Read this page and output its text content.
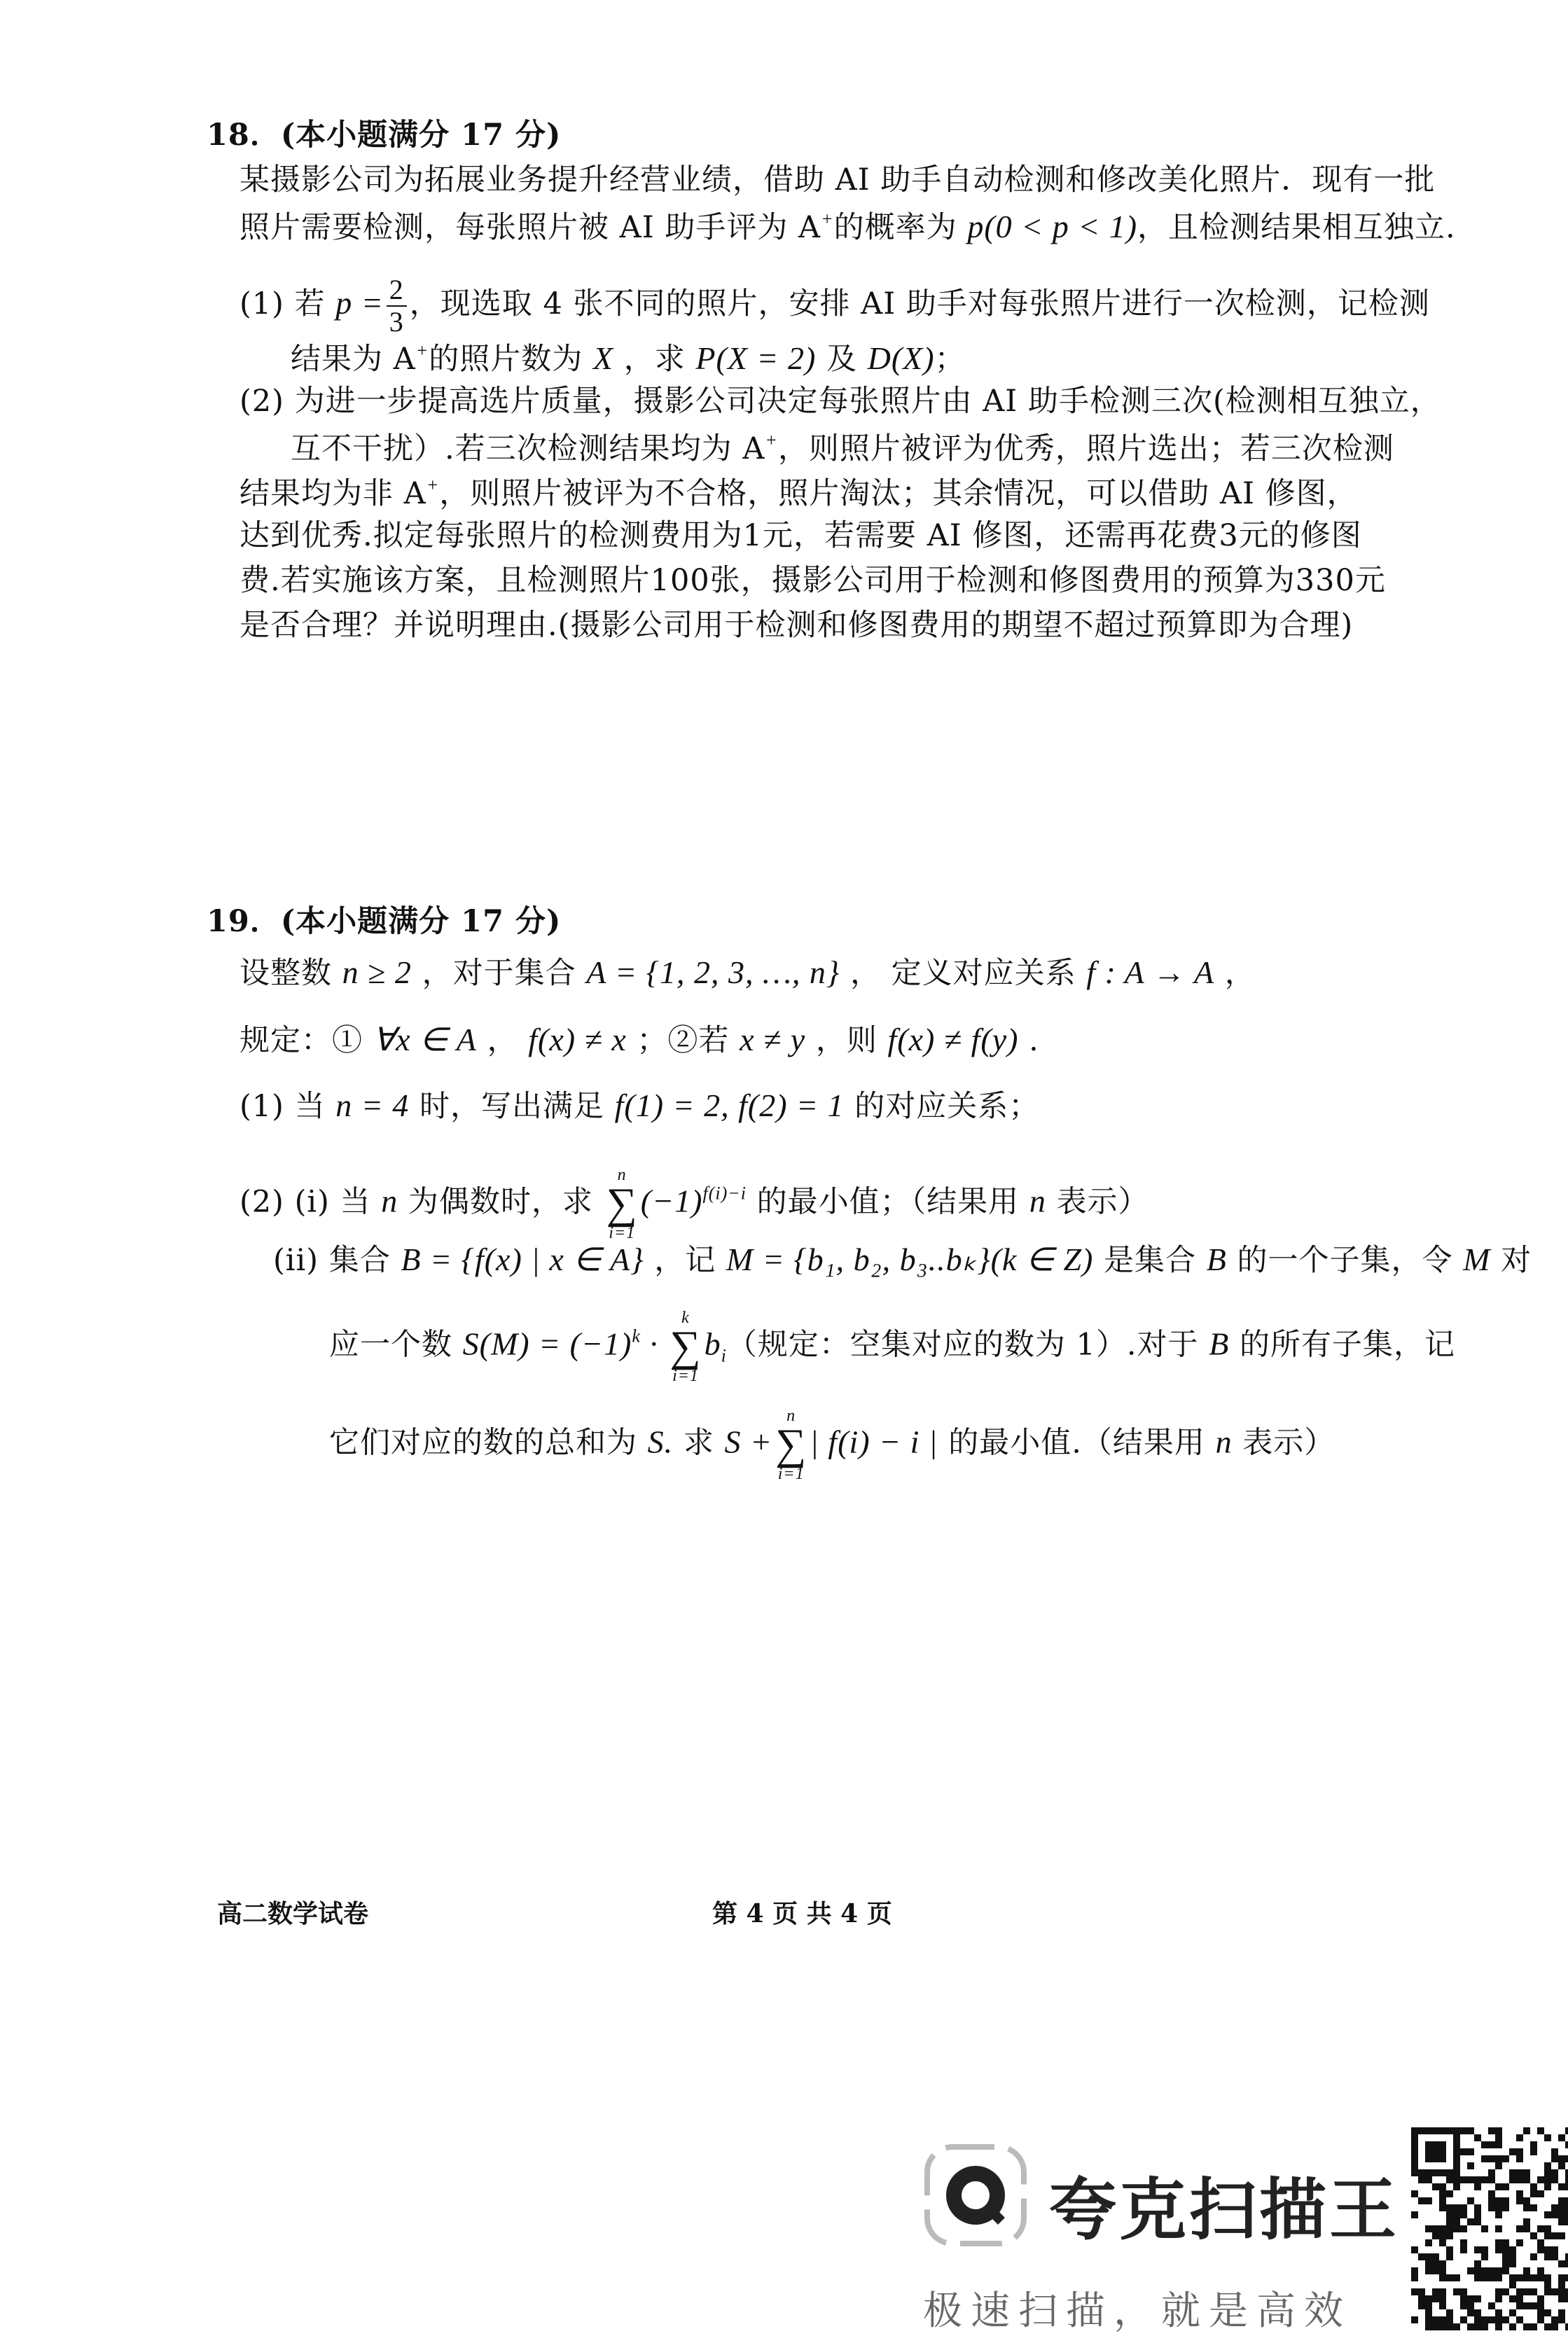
18．(本小题满分 17 分)
某摄影公司为拓展业务提升经营业绩，借助 AI 助手自动检测和修改美化照片．现有一批
照片需要检测，每张照片被 AI 助手评为 A+的概率为 p(0 < p < 1)，且检测结果相互独立.
(1) 若 $p = \frac{2}{3}$ ，现选取 4 张不同的照片，安排 AI 助手对每张照片进行一次检测，记检测
结果为 A+的照片数为 X ，求 P(X = 2) 及 D(X)；
(2) 为进一步提高选片质量，摄影公司决定每张照片由 AI 助手检测三次(检测相互独立，
互不干扰）.若三次检测结果均为 A+，则照片被评为优秀，照片选出；若三次检测
结果均为非 A+，则照片被评为不合格，照片淘汰；其余情况，可以借助 AI 修图，
达到优秀.拟定每张照片的检测费用为1元，若需要 AI 修图，还需再花费3元的修图
费.若实施该方案，且检测照片100张，摄影公司用于检测和修图费用的预算为330元
是否合理？并说明理由.(摄影公司用于检测和修图费用的期望不超过预算即为合理)
19．(本小题满分 17 分)
设整数 n ≥ 2 ，对于集合 A = {1, 2, 3, …, n} ， 定义对应关系 f : A → A ，
规定：① ∀x ∈ A ， f(x) ≠ x ；②若 x ≠ y ，则 f(x) ≠ f(y) .
(1) 当 n = 4 时，写出满足 f(1) = 2, f(2) = 1 的对应关系；
(2) (i) 当 n 为偶数时，求
n
∑
i=1
$(-1)^{f(i)-i}$ 的最小值；（结果用 n 表示）
(ii) 集合 B = {f(x) | x ∈ A} ，记 M = {b₁, b₂, b₃..bₖ}(k ∈ Z) 是集合 B 的一个子集，令 M 对
应一个数 $S(M) = (-1)^k$ ·
k
∑
i=1
$b_i$（规定：空集对应的数为 1）.对于 B 的所有子集，记
它们对应的数的总和为 S. 求 S +
n
∑
i=1
| f(i) − i | 的最小值.（结果用 n 表示）
高二数学试卷	第 4 页 共 4 页
夸克扫描王
极速扫描，就是高效
